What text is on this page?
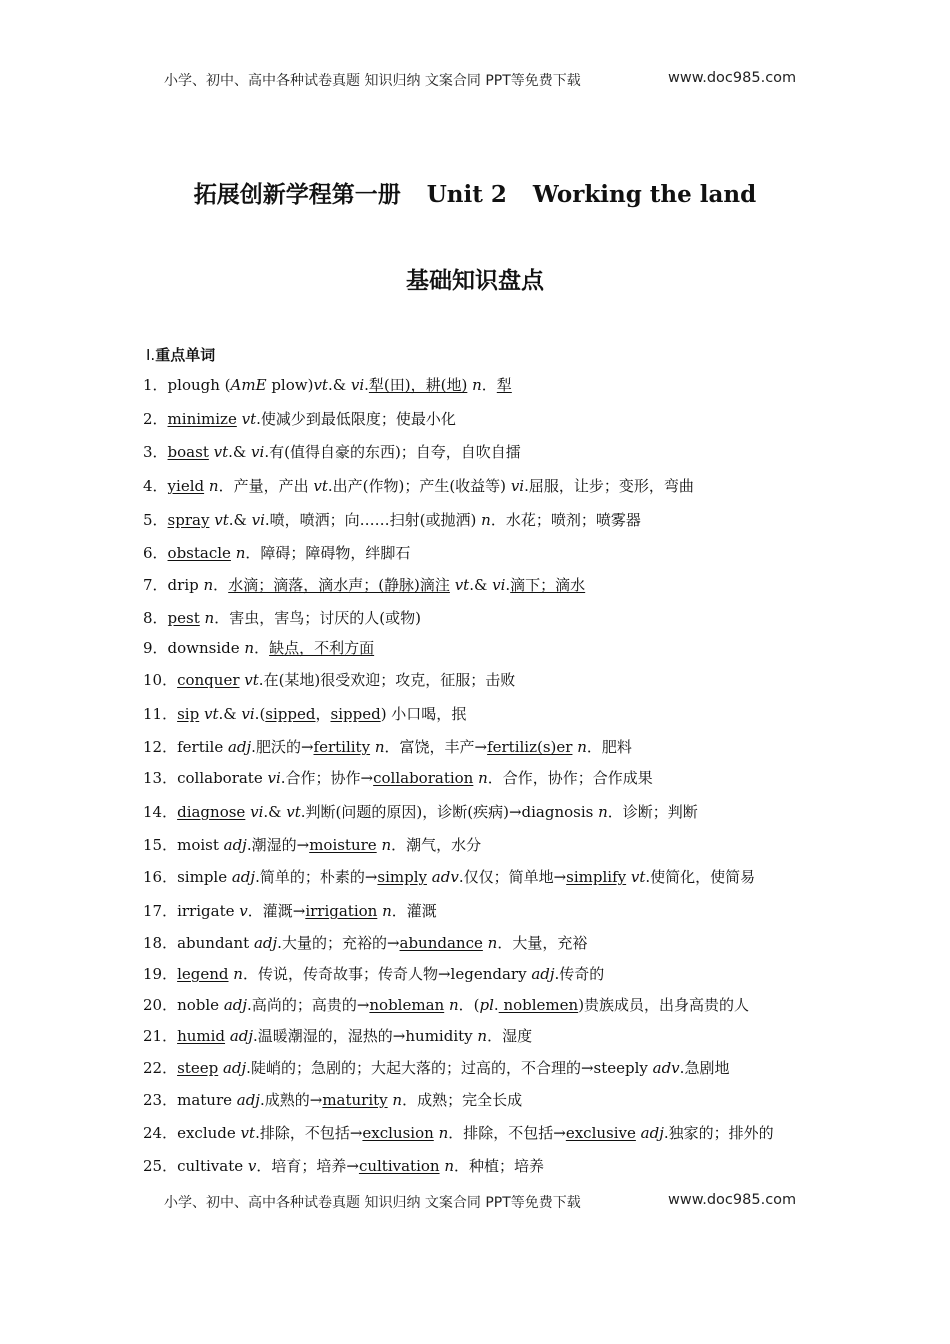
小学、初中、高中各种试卷真题 知识归纳 文案合同 PPT等免费下载	www.doc985.com
拓展创新学程第一册 Unit 2 Working the land
基础知识盘点
Ⅰ.重点单词
1．plough (AmE plow)vt.& vi.犁(田)，耕(地) n．犁
2．minimize vt.使减少到最低限度；使最小化
3．boast vt.& vi.有(值得自豪的东西)；自夸，自吹自擂
4．yield n．产量，产出 vt.出产(作物)；产生(收益等) vi.屈服，让步；变形，弯曲
5．spray vt.& vi.喷，喷洒；向……扫射(或抛洒) n．水花；喷剂；喷雾器
6．obstacle n．障碍；障碍物，绊脚石
7．drip n．水滴；滴落，滴水声；(静脉)滴注 vt.& vi.滴下；滴水
8．pest n．害虫，害鸟；讨厌的人(或物)
9．downside n．缺点，不利方面
10．conquer vt.在(某地)很受欢迎；攻克，征服；击败
11．sip vt.& vi.(sipped，sipped) 小口喝，抿
12．fertile adj.肥沃的→fertility n．富饶，丰产→fertiliz(s)er n．肥料
13．collaborate vi.合作；协作→collaboration n．合作，协作；合作成果
14．diagnose vi.& vt.判断(问题的原因)，诊断(疾病)→diagnosis n．诊断；判断
15．moist adj.潮湿的→moisture n．潮气，水分
16．simple adj.简单的；朴素的→simply adv.仅仅；简单地→simplify vt.使简化，使简易
17．irrigate v．灌溉→irrigation n．灌溉
18．abundant adj.大量的；充裕的→abundance n．大量，充裕
19．legend n．传说，传奇故事；传奇人物→legendary adj.传奇的
20．noble adj.高尚的；高贵的→nobleman n．(pl. noblemen)贵族成员，出身高贵的人
21．humid adj.温暖潮湿的，湿热的→humidity n．湿度
22．steep adj.陡峭的；急剧的；大起大落的；过高的，不合理的→steeply adv.急剧地
23．mature adj.成熟的→maturity n．成熟；完全长成
24．exclude vt.排除，不包括→exclusion n．排除，不包括→exclusive adj.独家的；排外的
25．cultivate v．培育；培养→cultivation n．种植；培养
小学、初中、高中各种试卷真题 知识归纳 文案合同 PPT等免费下载	www.doc985.com
